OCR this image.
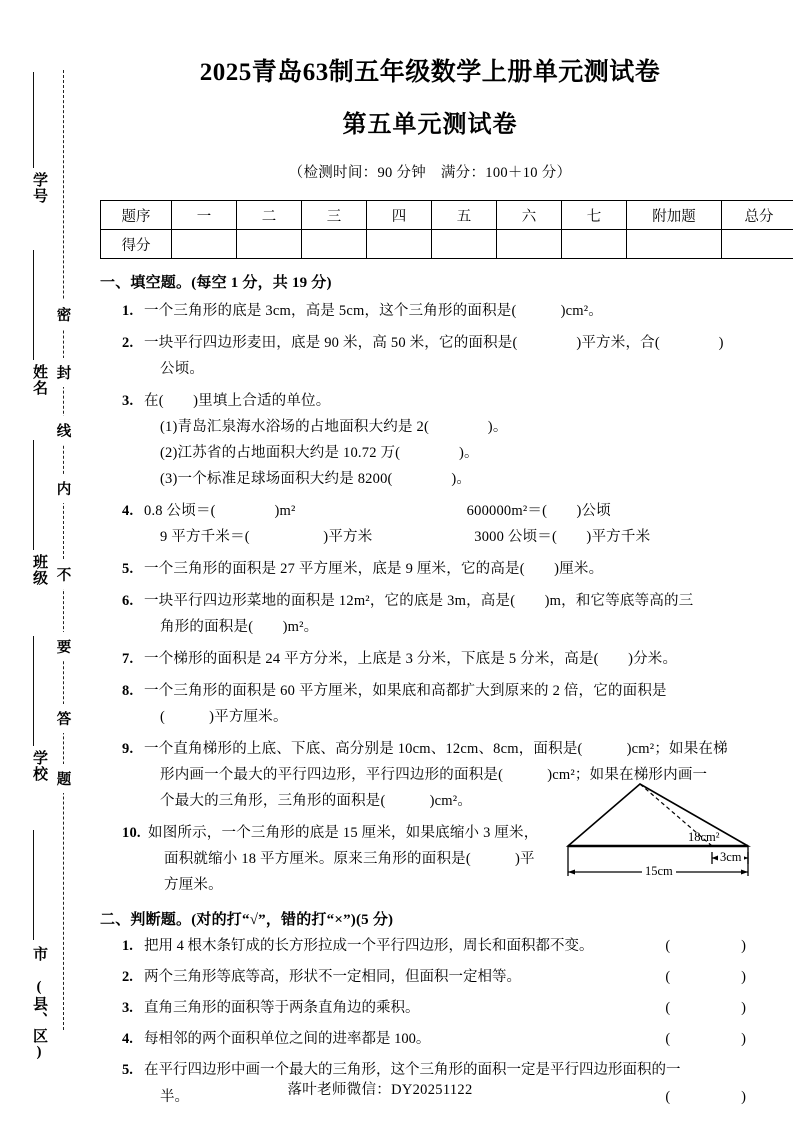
学号
姓名
班级
学校
市 (县、区)
密
封
线
内
不
要
答
题
2025青岛63制五年级数学上册单元测试卷
第五单元测试卷
（检测时间：90 分钟　满分：100＋10 分）
题序	一	二	三	四	五	六	七	附加题	总分
得分									
一、填空题。(每空 1 分，共 19 分)
1. 一个三角形的底是 3cm，高是 5cm，这个三角形的面积是(　　　)cm²。
2. 一块平行四边形麦田，底是 90 米，高 50 米，它的面积是(　　　　)平方米，合(　　　　)
公顷。
3. 在(　　)里填上合适的单位。
(1)青岛汇泉海水浴场的占地面积大约是 2(　　　　)。
(2)江苏省的占地面积大约是 10.72 万(　　　　)。
(3)一个标准足球场面积大约是 8200(　　　　)。
4. 0.8 公顷＝(　　　　)m²	600000m²＝(　　)公顷
9 平方千米＝(　　　　　)平方米	3000 公顷＝(　　)平方千米
5. 一个三角形的面积是 27 平方厘米，底是 9 厘米，它的高是(　　)厘米。
6. 一块平行四边形菜地的面积是 12m²，它的底是 3m，高是(　　)m，和它等底等高的三
角形的面积是(　　)m²。
7. 一个梯形的面积是 24 平方分米，上底是 3 分米，下底是 5 分米，高是(　　)分米。
8. 一个三角形的面积是 60 平方厘米，如果底和高都扩大到原来的 2 倍，它的面积是
(　　　)平方厘米。
9. 一个直角梯形的上底、下底、高分别是 10cm、12cm、8cm，面积是(　　　)cm²；如果在梯
形内画一个最大的平行四边形，平行四边形的面积是(　　　)cm²；如果在梯形内画一
个最大的三角形，三角形的面积是(　　　)cm²。
10. 如图所示，一个三角形的底是 15 厘米，如果底缩小 3 厘米，
面积就缩小 18 平方厘米。原来三角形的面积是(　　　)平
方厘米。
二、判断题。(对的打“√”，错的打“×”)(5 分)
1. 把用 4 根木条钉成的长方形拉成一个平行四边形，周长和面积都不变。	(　　)
2. 两个三角形等底等高，形状不一定相同，但面积一定相等。	(　　)
3. 直角三角形的面积等于两条直角边的乘积。	(　　)
4. 每相邻的两个面积单位之间的进率都是 100。	(　　)
5. 在平行四边形中画一个最大的三角形，这个三角形的面积一定是平行四边形面积的一
半。	(　　)
18cm²
3cm
15cm
落叶老师微信：DY20251122
